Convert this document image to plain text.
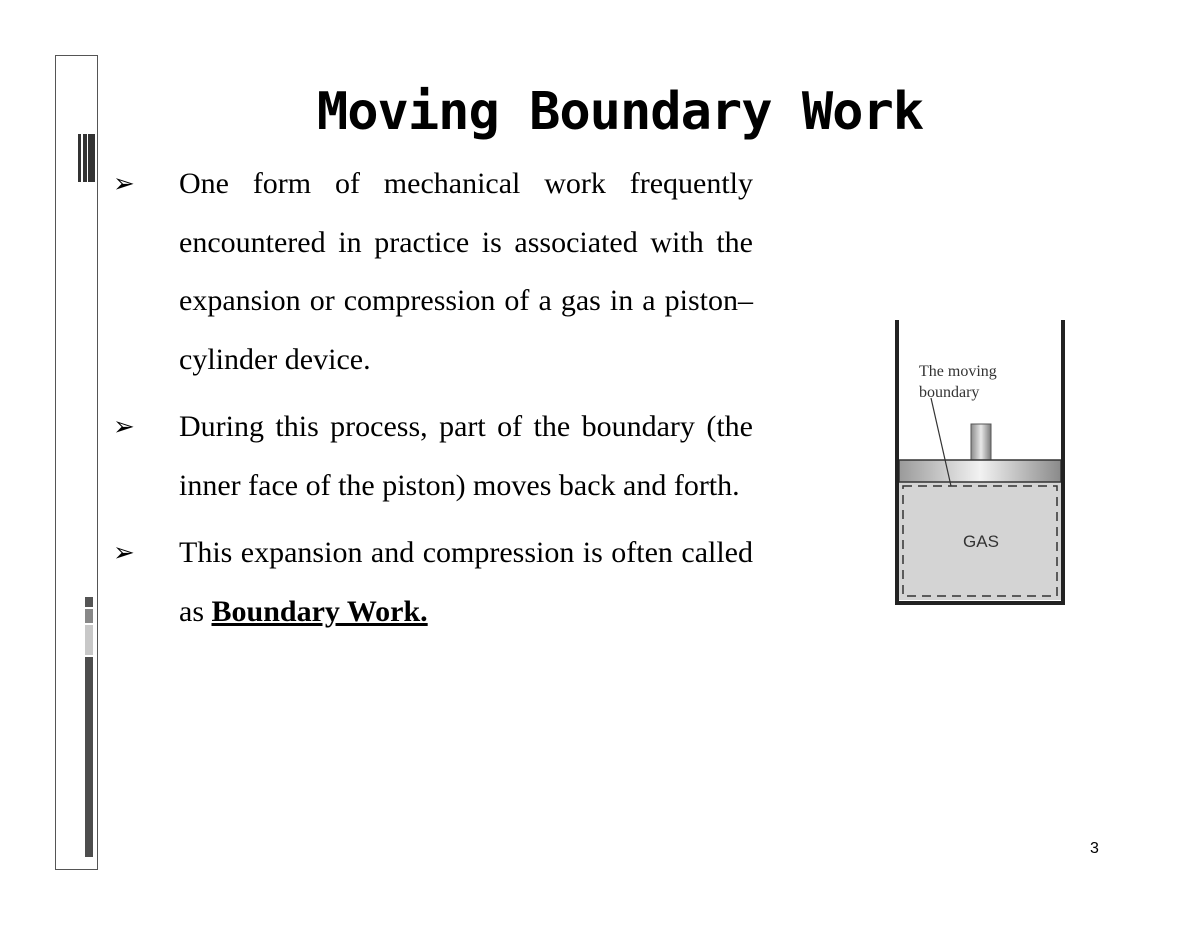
Moving Boundary Work
➢ One form of mechanical work frequently encountered in practice is associated with the expansion or compression of a gas in a piston–cylinder device.
➢ During this process, part of the boundary (the inner face of the piston) moves back and forth.
➢ This expansion and compression is often called as Boundary Work.
The moving
boundary
GAS
3
